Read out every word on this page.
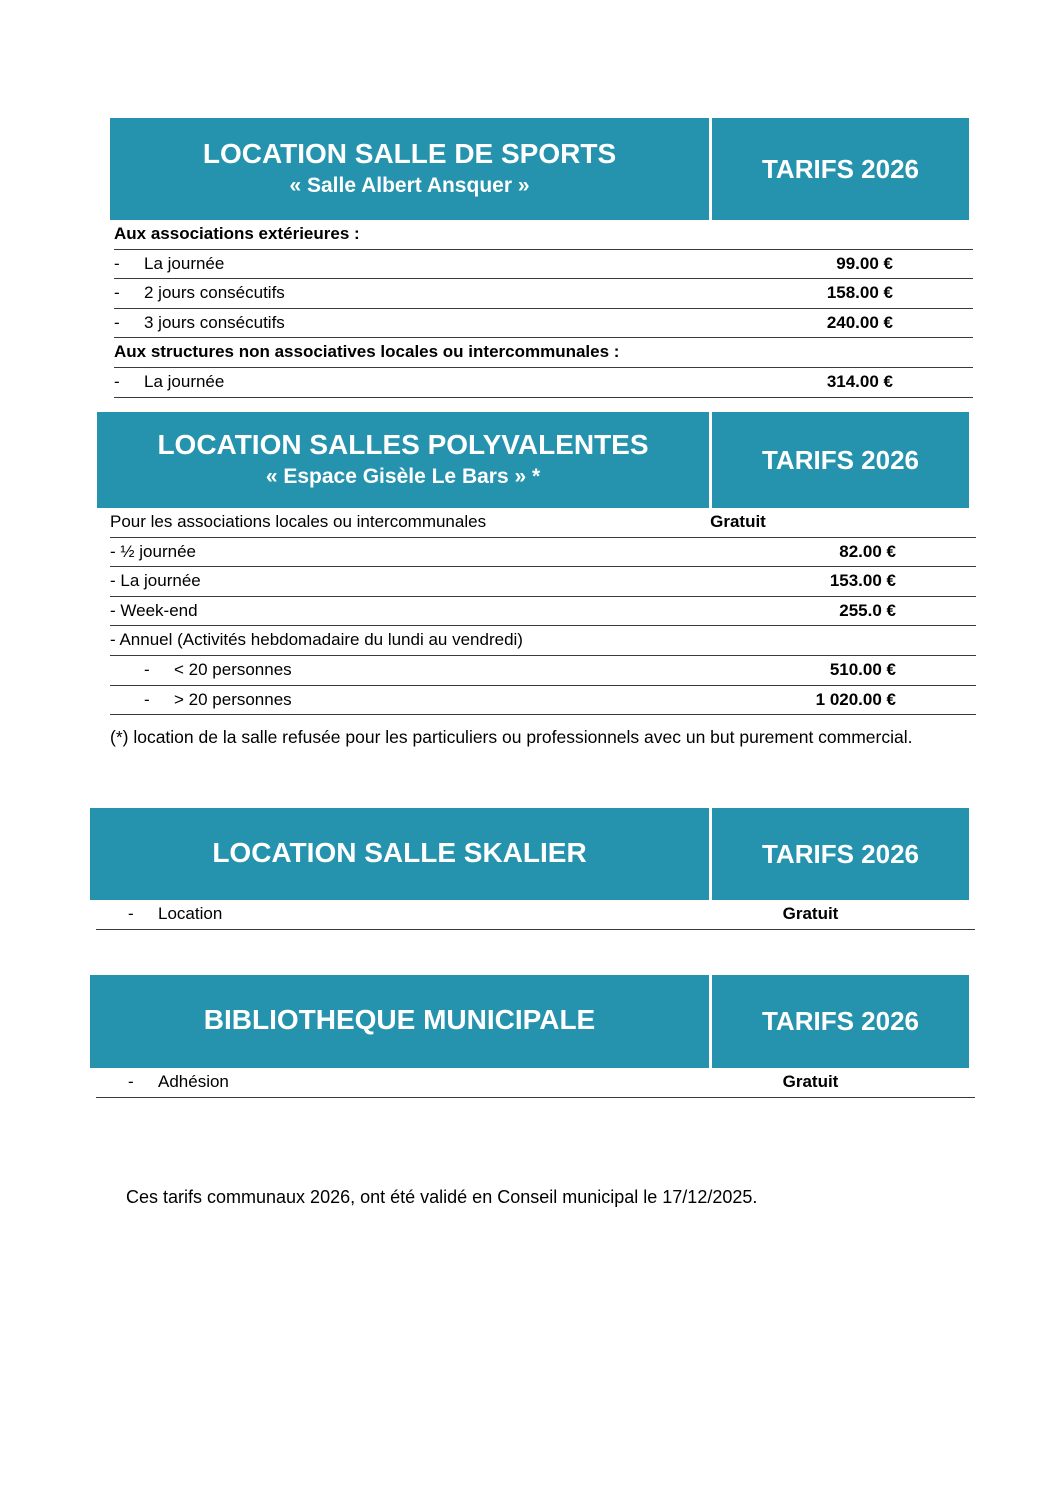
LOCATION SALLE DE SPORTS
« Salle Albert Ansquer »
TARIFS 2026
Aux associations extérieures :
-	La journée	99.00 €
-	2 jours consécutifs	158.00 €
-	3 jours consécutifs	240.00 €
Aux structures non associatives locales ou intercommunales :
-	La journée	314.00 €
LOCATION SALLES POLYVALENTES
« Espace Gisèle Le Bars » *
TARIFS 2026
Pour les associations locales ou intercommunales	Gratuit
- ½ journée	82.00 €
- La journée	153.00 €
- Week-end	255.0 €
- Annuel (Activités hebdomadaire du lundi au vendredi)
-	< 20 personnes	510.00 €
-	> 20 personnes	1 020.00 €
(*) location de la salle refusée pour les particuliers ou professionnels avec un but purement commercial.
LOCATION SALLE SKALIER	TARIFS 2026
-	Location	Gratuit
BIBLIOTHEQUE MUNICIPALE	TARIFS 2026
-	Adhésion	Gratuit
Ces tarifs communaux 2026, ont été validé en Conseil municipal le 17/12/2025.
